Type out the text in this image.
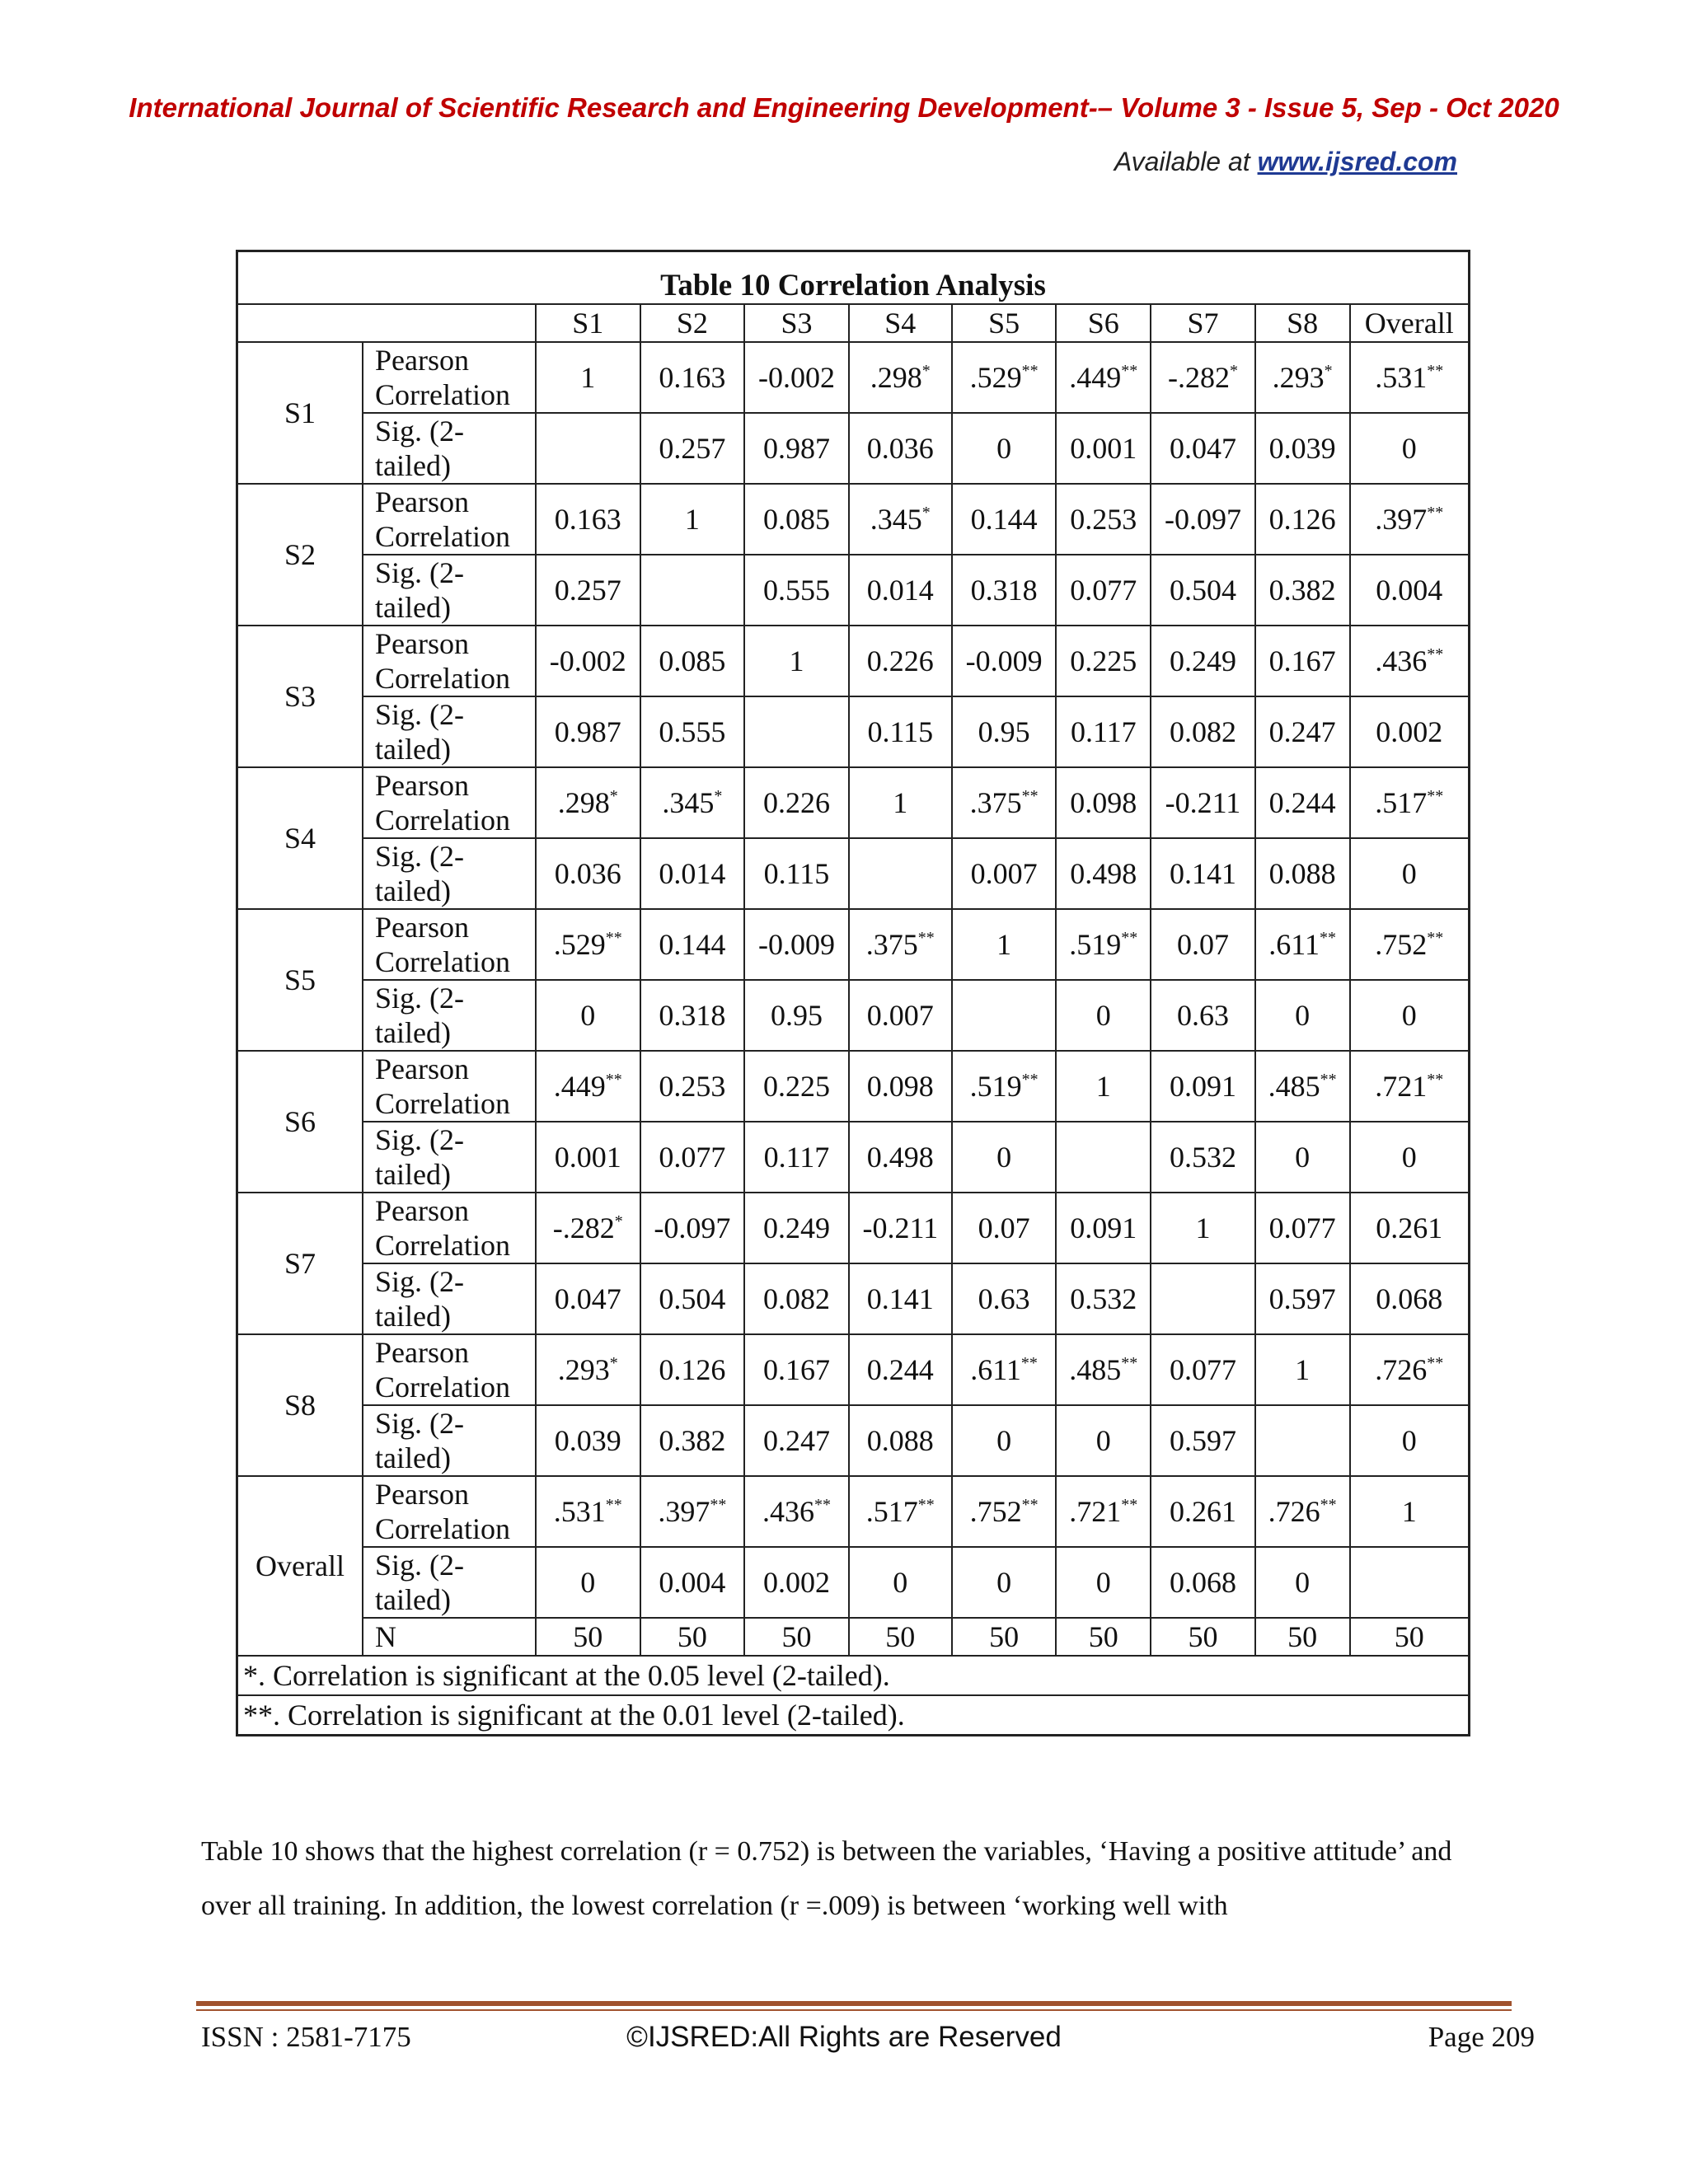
International Journal of Scientific Research and Engineering Development-– Volume 3 - Issue 5, Sep - Oct 2020
Available at www.ijsred.com
Table 10 Correlation Analysis										
		S1	S2	S3	S4	S5	S6	S7	S8	Overall
S1	Pearson Correlation	1	0.163	-0.002	.298*	.529**	.449**	-.282*	.293*	.531**
	Sig. (2-tailed)		0.257	0.987	0.036	0	0.001	0.047	0.039	0
S2	Pearson Correlation	0.163	1	0.085	.345*	0.144	0.253	-0.097	0.126	.397**
	Sig. (2-tailed)	0.257		0.555	0.014	0.318	0.077	0.504	0.382	0.004
S3	Pearson Correlation	-0.002	0.085	1	0.226	-0.009	0.225	0.249	0.167	.436**
	Sig. (2-tailed)	0.987	0.555		0.115	0.95	0.117	0.082	0.247	0.002
S4	Pearson Correlation	.298*	.345*	0.226	1	.375**	0.098	-0.211	0.244	.517**
	Sig. (2-tailed)	0.036	0.014	0.115		0.007	0.498	0.141	0.088	0
S5	Pearson Correlation	.529**	0.144	-0.009	.375**	1	.519**	0.07	.611**	.752**
	Sig. (2-tailed)	0	0.318	0.95	0.007		0	0.63	0	0
S6	Pearson Correlation	.449**	0.253	0.225	0.098	.519**	1	0.091	.485**	.721**
	Sig. (2-tailed)	0.001	0.077	0.117	0.498	0		0.532	0	0
S7	Pearson Correlation	-.282*	-0.097	0.249	-0.211	0.07	0.091	1	0.077	0.261
	Sig. (2-tailed)	0.047	0.504	0.082	0.141	0.63	0.532		0.597	0.068
S8	Pearson Correlation	.293*	0.126	0.167	0.244	.611**	.485**	0.077	1	.726**
	Sig. (2-tailed)	0.039	0.382	0.247	0.088	0	0	0.597		0
Overall	Pearson Correlation	.531**	.397**	.436**	.517**	.752**	.721**	0.261	.726**	1
	Sig. (2-tailed)	0	0.004	0.002	0	0	0	0.068	0	
	N	50	50	50	50	50	50	50	50	50
*. Correlation is significant at the 0.05 level (2-tailed).										
**. Correlation is significant at the 0.01 level (2-tailed).										
Table 10 shows that the highest correlation (r = 0.752) is between the variables, ‘Having a positive attitude’ and over all training. In addition, the lowest correlation (r =.009) is between ‘working well with
ISSN : 2581-7175	©IJSRED:All Rights are Reserved	Page 209
